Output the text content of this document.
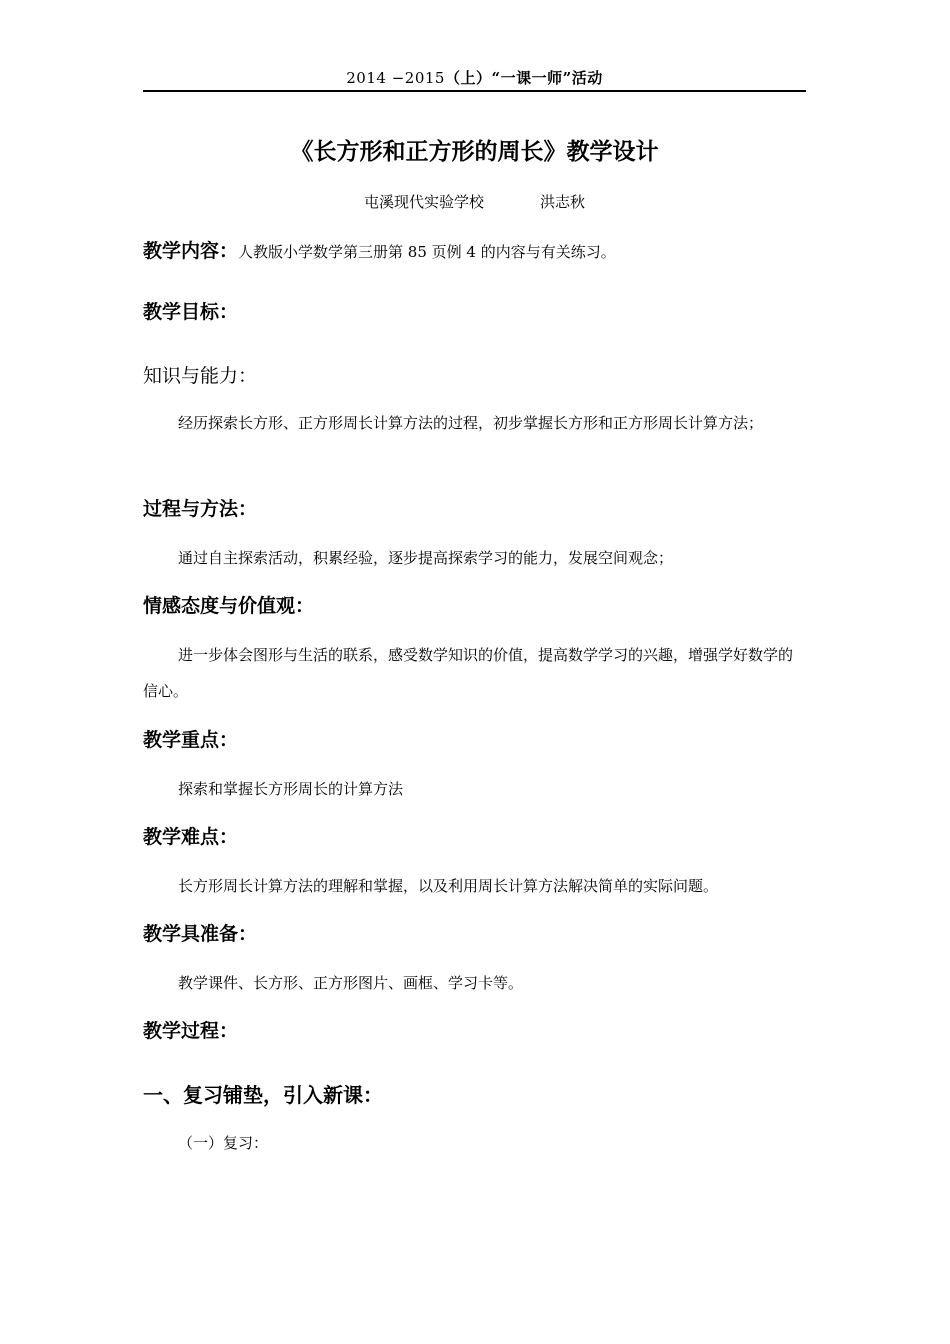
2014 −2015（上）“一课一师”活动
《长方形和正方形的周长》教学设计
屯溪现代实验学校	洪志秋
教学内容：人教版小学数学第三册第 85 页例 4 的内容与有关练习。
教学目标：
知识与能力：
经历探索长方形、正方形周长计算方法的过程，初步掌握长方形和正方形周长计算方法；
过程与方法：
通过自主探索活动，积累经验，逐步提高探索学习的能力，发展空间观念；
情感态度与价值观：
进一步体会图形与生活的联系，感受数学知识的价值，提高数学学习的兴趣，增强学好数学的信心。
教学重点：
探索和掌握长方形周长的计算方法
教学难点：
长方形周长计算方法的理解和掌握，以及利用周长计算方法解决简单的实际问题。
教学具准备：
教学课件、长方形、正方形图片、画框、学习卡等。
教学过程：
一、复习铺垫，引入新课：
（一）复习：
